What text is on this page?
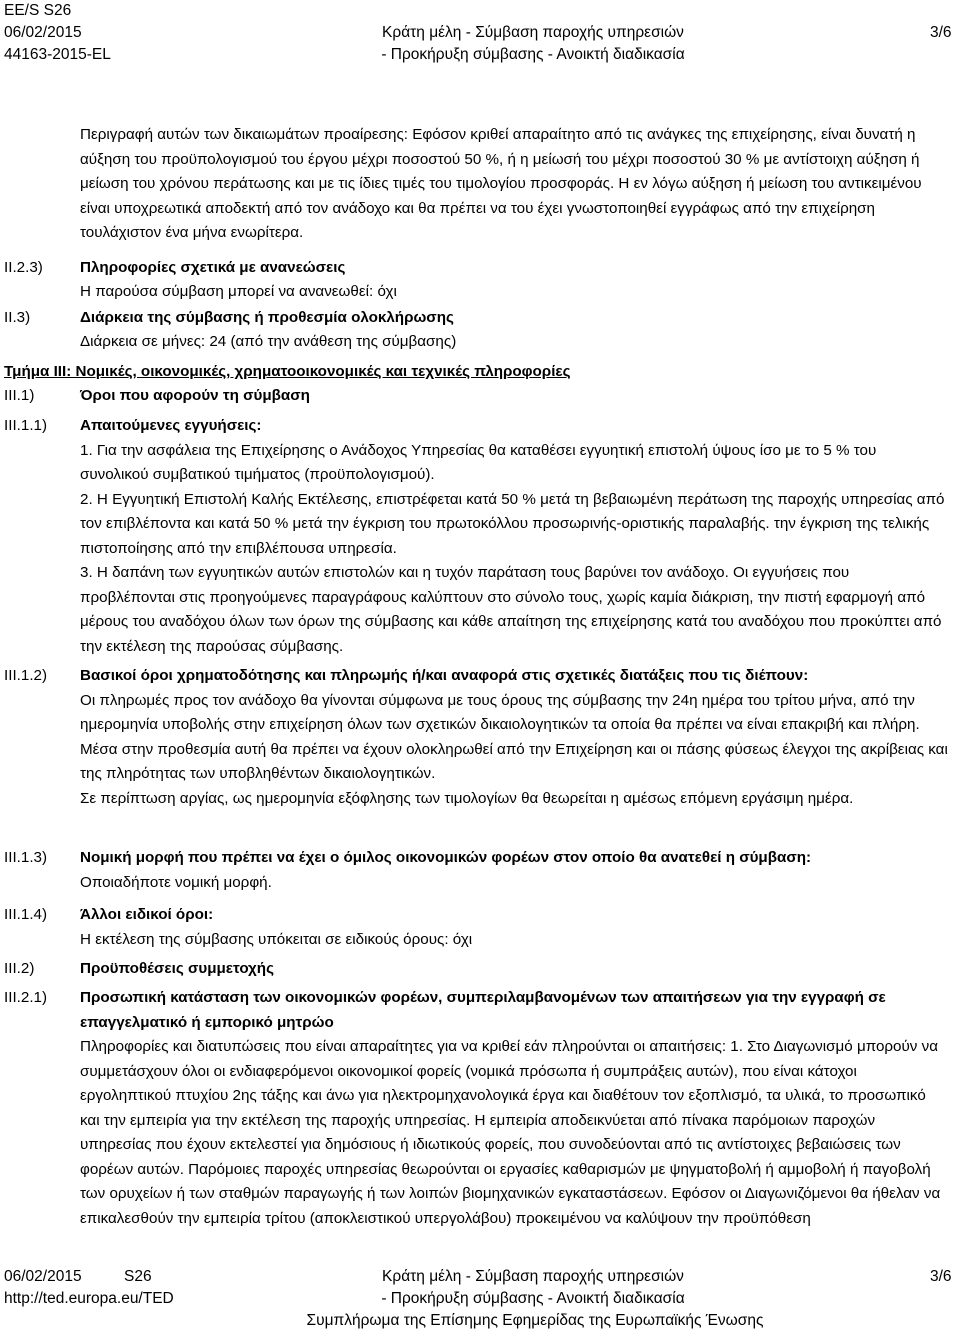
EE/S S26
06/02/2015
44163-2015-EL
Κράτη μέλη - Σύμβαση παροχής υπηρεσιών
- Προκήρυξη σύμβασης - Ανοικτή διαδικασία
3/6
Περιγραφή αυτών των δικαιωμάτων προαίρεσης: Εφόσον κριθεί απαραίτητο από τις ανάγκες της επιχείρησης, είναι δυνατή η αύξηση του προϋπολογισμού του έργου μέχρι ποσοστού 50 %, ή η μείωσή του μέχρι ποσοστού 30 % με αντίστοιχη αύξηση ή μείωση του χρόνου περάτωσης και με τις ίδιες τιμές του τιμολογίου προσφοράς. Η εν λόγω αύξηση ή μείωση του αντικειμένου είναι υποχρεωτικά αποδεκτή από τον ανάδοχο και θα πρέπει να του έχει γνωστοποιηθεί εγγράφως από την επιχείρηση τουλάχιστον ένα μήνα ενωρίτερα.
II.2.3) Πληροφορίες σχετικά με ανανεώσεις
Η παρούσα σύμβαση μπορεί να ανανεωθεί: όχι
II.3)	Διάρκεια της σύμβασης ή προθεσμία ολοκλήρωσης
Διάρκεια σε μήνες: 24 (από την ανάθεση της σύμβασης)
Τμήμα III: Νομικές, οικονομικές, χρηματοοικονομικές και τεχνικές πληροφορίες
III.1)	Όροι που αφορούν τη σύμβαση
III.1.1) Απαιτούμενες εγγυήσεις:

1. Για την ασφάλεια της Επιχείρησης ο Ανάδοχος Υπηρεσίας θα καταθέσει εγγυητική επιστολή ύψους ίσο με το 5 % του συνολικού συμβατικού τιμήματος (προϋπολογισμού).

2. Η Εγγυητική Επιστολή Καλής Εκτέλεσης, επιστρέφεται κατά 50 % μετά τη βεβαιωμένη περάτωση της παροχής υπηρεσίας από τον επιβλέποντα και κατά 50 % μετά την έγκριση του πρωτοκόλλου προσωρινής-οριστικής παραλαβής. την έγκριση της τελικής πιστοποίησης από την επιβλέπουσα υπηρεσία.

3. Η δαπάνη των εγγυητικών αυτών επιστολών και η τυχόν παράταση τους βαρύνει τον ανάδοχο. Οι εγγυήσεις που προβλέπονται στις προηγούμενες παραγράφους καλύπτουν στο σύνολο τους, χωρίς καμία διάκριση, την πιστή εφαρμογή από μέρους του αναδόχου όλων των όρων της σύμβασης και κάθε απαίτηση της επιχείρησης κατά του αναδόχου που προκύπτει από την εκτέλεση της παρούσας σύμβασης.

III.1.2) Βασικοί όροι χρηματοδότησης και πληρωμής ή/και αναφορά στις σχετικές διατάξεις που τις διέπουν:

Οι πληρωμές προς τον ανάδοχο θα γίνονται σύμφωνα με τους όρους της σύμβασης την 24η ημέρα του τρίτου μήνα, από την ημερομηνία υποβολής στην επιχείρηση όλων των σχετικών δικαιολογητικών τα οποία θα πρέπει να είναι επακριβή και πλήρη. Μέσα στην προθεσμία αυτή θα πρέπει να έχουν ολοκληρωθεί από την Επιχείρηση και οι πάσης φύσεως έλεγχοι της ακρίβειας και της πληρότητας των υποβληθέντων δικαιολογητικών.

Σε περίπτωση αργίας, ως ημερομηνία εξόφλησης των τιμολογίων θα θεωρείται η αμέσως επόμενη εργάσιμη ημέρα.

III.1.3) Νομική μορφή που πρέπει να έχει ο όμιλος οικονομικών φορέων στον οποίο θα ανατεθεί η σύμβαση:

Οποιαδήποτε νομική μορφή.

III.1.4) Άλλοι ειδικοί όροι:

Η εκτέλεση της σύμβασης υπόκειται σε ειδικούς όρους: όχι

III.2)	Προϋποθέσεις συμμετοχής
III.2.1) Προσωπική κατάσταση των οικονομικών φορέων, συμπεριλαμβανομένων των απαιτήσεων για την εγγραφή σε επαγγελματικό ή εμπορικό μητρώο

Πληροφορίες και διατυπώσεις που είναι απαραίτητες για να κριθεί εάν πληρούνται οι απαιτήσεις: 1. Στο Διαγωνισμό μπορούν να συμμετάσχουν όλοι οι ενδιαφερόμενοι οικονομικοί φορείς (νομικά πρόσωπα ή συμπράξεις αυτών), που είναι κάτοχοι εργοληπτικού πτυχίου 2ης τάξης και άνω για ηλεκτρομηχανολογικά έργα και διαθέτουν τον εξοπλισμό, τα υλικά, το προσωπικό και την εμπειρία για την εκτέλεση της παροχής υπηρεσίας. Η εμπειρία αποδεικνύεται από πίνακα παρόμοιων παροχών υπηρεσίας που έχουν εκτελεστεί για δημόσιους ή ιδιωτικούς φορείς, που συνοδεύονται από τις αντίστοιχες βεβαιώσεις των φορέων αυτών. Παρόμοιες παροχές υπηρεσίας θεωρούνται οι εργασίες καθαρισμών με ψηγματοβολή ή αμμοβολή ή παγοβολή των ορυχείων ή των σταθμών παραγωγής ή των λοιπών βιομηχανικών εγκαταστάσεων. Εφόσον οι Διαγωνιζόμενοι θα ήθελαν να επικαλεσθούν την εμπειρία τρίτου (αποκλειστικού υπεργολάβου) προκειμένου να καλύψουν την προϋπόθεση

06/02/2015	S26
http://ted.europa.eu/TED
Κράτη μέλη - Σύμβαση παροχής υπηρεσιών
- Προκήρυξη σύμβασης - Ανοικτή διαδικασία
Συμπλήρωμα της Επίσημης Εφημερίδας της Ευρωπαϊκής Ένωσης
3/6
